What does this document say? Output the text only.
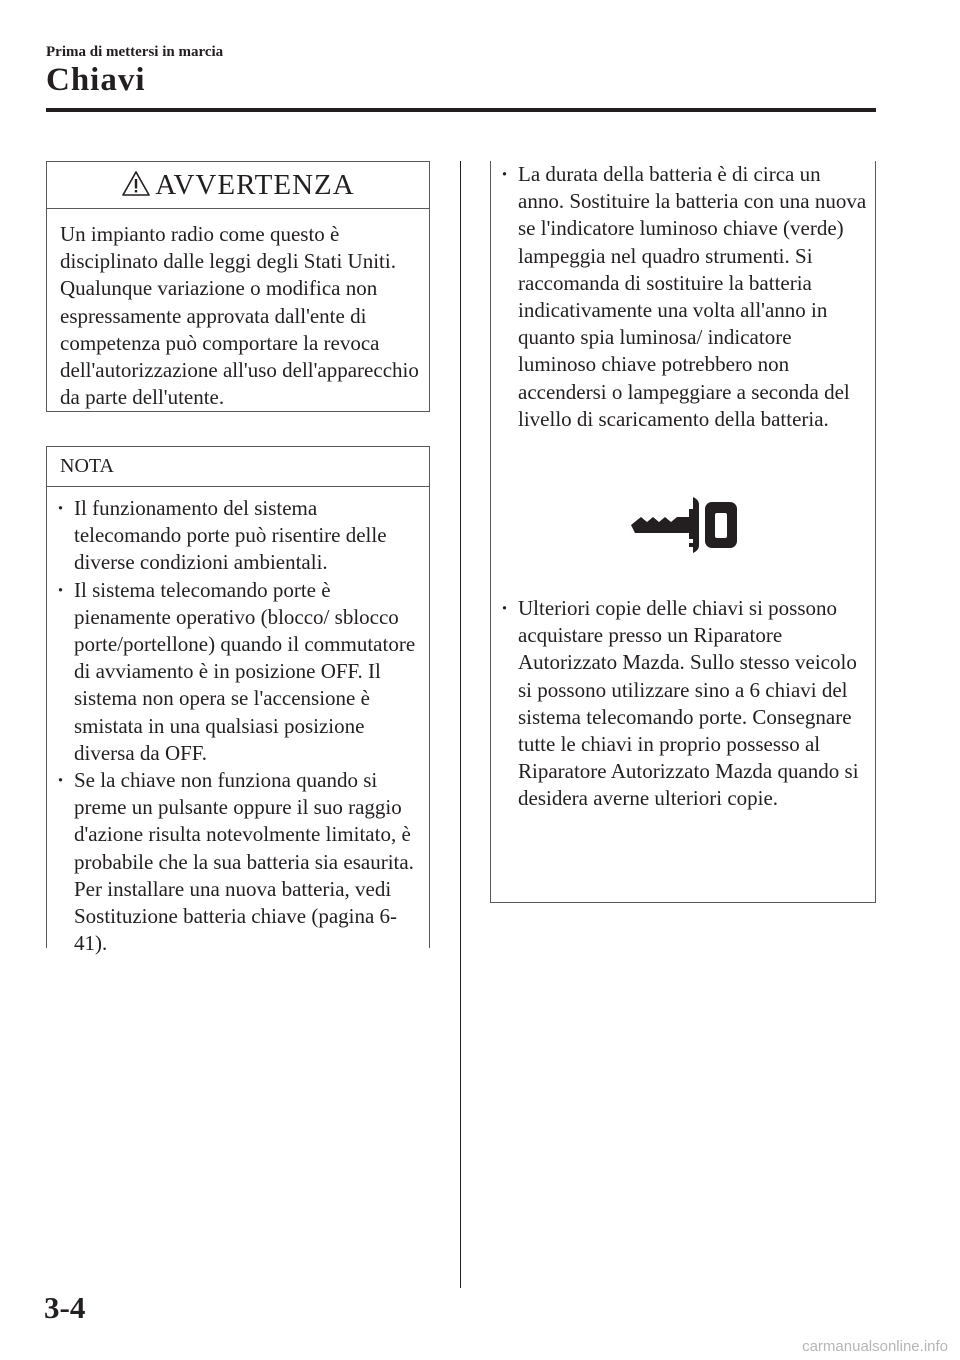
Prima di mettersi in marcia
Chiavi
AVVERTENZA

Un impianto radio come questo è disciplinato dalle leggi degli Stati Uniti. Qualunque variazione o modifica non espressamente approvata dall'ente di competenza può comportare la revoca dell'autorizzazione all'uso dell'apparecchio da parte dell'utente.

NOTA
· Il funzionamento del sistema telecomando porte può risentire delle diverse condizioni ambientali.
· Il sistema telecomando porte è pienamente operativo (blocco/ sblocco porte/portellone) quando il commutatore di avviamento è in posizione OFF. Il sistema non opera se l'accensione è smistata in una qualsiasi posizione diversa da OFF.
· Se la chiave non funziona quando si preme un pulsante oppure il suo raggio d'azione risulta notevolmente limitato, è probabile che la sua batteria sia esaurita. Per installare una nuova batteria, vedi Sostituzione batteria chiave (pagina 6-41).
· La durata della batteria è di circa un anno. Sostituire la batteria con una nuova se l'indicatore luminoso chiave (verde) lampeggia nel quadro strumenti. Si raccomanda di sostituire la batteria indicativamente una volta all'anno in quanto spia luminosa/ indicatore luminoso chiave potrebbero non accendersi o lampeggiare a seconda del livello di scaricamento della batteria.
· Ulteriori copie delle chiavi si possono acquistare presso un Riparatore Autorizzato Mazda. Sullo stesso veicolo si possono utilizzare sino a 6 chiavi del sistema telecomando porte. Consegnare tutte le chiavi in proprio possesso al Riparatore Autorizzato Mazda quando si desidera averne ulteriori copie.
3-4
carmanualsonline.info
